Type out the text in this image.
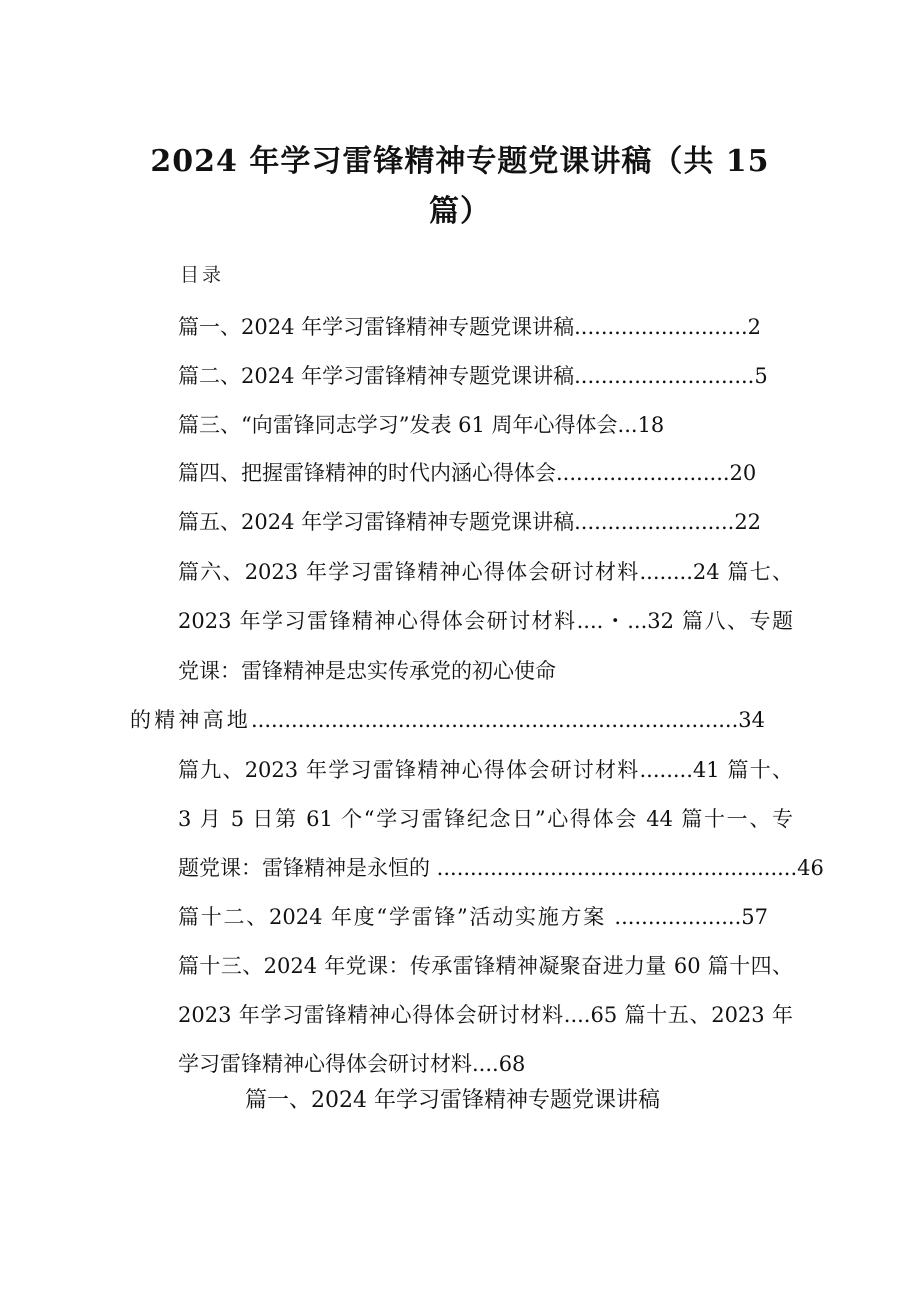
2024 年学习雷锋精神专题党课讲稿（共 15
篇）
目录
篇一、2024 年学习雷锋精神专题党课讲稿..........................2
篇二、2024 年学习雷锋精神专题党课讲稿...........................5
篇三、“向雷锋同志学习”发表 61 周年心得体会...18
篇四、把握雷锋精神的时代内涵心得体会..........................20
篇五、2024 年学习雷锋精神专题党课讲稿........................22
篇六、2023 年学习雷锋精神心得体会研讨材料........24 篇七、
2023 年学习雷锋精神心得体会研讨材料....・...32 篇八、专题
党课：雷锋精神是忠实传承党的初心使命
的精神高地.........................................................................34
篇九、2023 年学习雷锋精神心得体会研讨材料........41 篇十、
3 月 5 日第 61 个“学习雷锋纪念日”心得体会 44 篇十一、专
题党课：雷锋精神是永恒的 ......................................................46
篇十二、2024 年度“学雷锋”活动实施方案 ...................57
篇十三、2024 年党课：传承雷锋精神凝聚奋进力量 60 篇十四、
2023 年学习雷锋精神心得体会研讨材料....65 篇十五、2023 年
学习雷锋精神心得体会研讨材料....68
篇一、2024 年学习雷锋精神专题党课讲稿
